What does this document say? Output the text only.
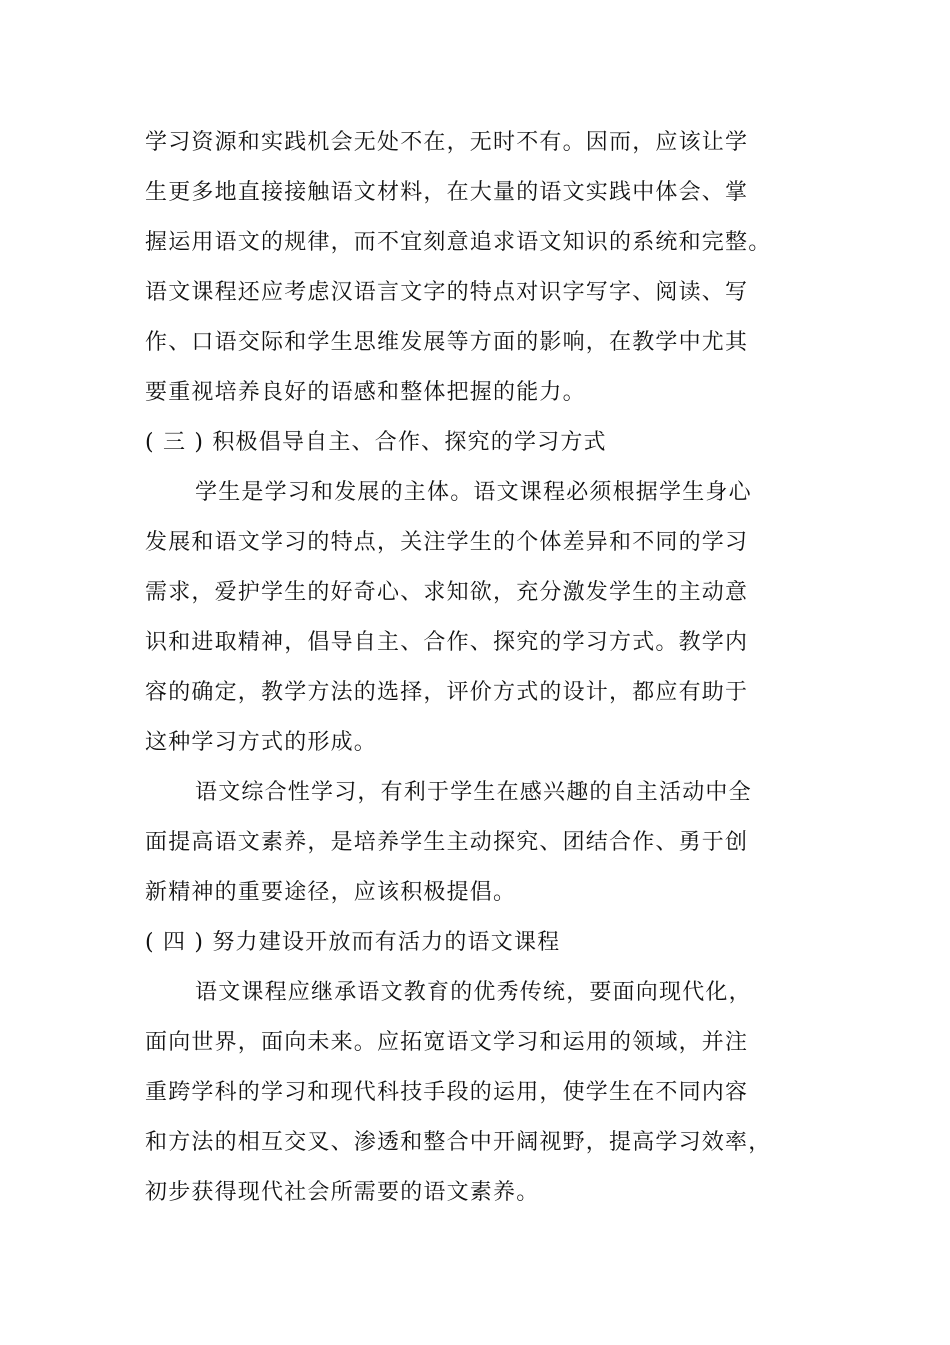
学习资源和实践机会无处不在，无时不有。因而，应该让学
生更多地直接接触语文材料，在大量的语文实践中体会、掌
握运用语文的规律，而不宜刻意追求语文知识的系统和完整。
语文课程还应考虑汉语言文字的特点对识字写字、阅读、写
作、口语交际和学生思维发展等方面的影响，在教学中尤其
要重视培养良好的语感和整体把握的能力。
( 三 ) 积极倡导自主、合作、探究的学习方式
学生是学习和发展的主体。语文课程必须根据学生身心
发展和语文学习的特点，关注学生的个体差异和不同的学习
需求，爱护学生的好奇心、求知欲，充分激发学生的主动意
识和进取精神，倡导自主、合作、探究的学习方式。教学内
容的确定，教学方法的选择，评价方式的设计，都应有助于
这种学习方式的形成。
语文综合性学习，有利于学生在感兴趣的自主活动中全
面提高语文素养，是培养学生主动探究、团结合作、勇于创
新精神的重要途径，应该积极提倡。
( 四 ) 努力建设开放而有活力的语文课程
语文课程应继承语文教育的优秀传统，要面向现代化，
面向世界，面向未来。应拓宽语文学习和运用的领域，并注
重跨学科的学习和现代科技手段的运用，使学生在不同内容
和方法的相互交叉、渗透和整合中开阔视野，提高学习效率，
初步获得现代社会所需要的语文素养。
